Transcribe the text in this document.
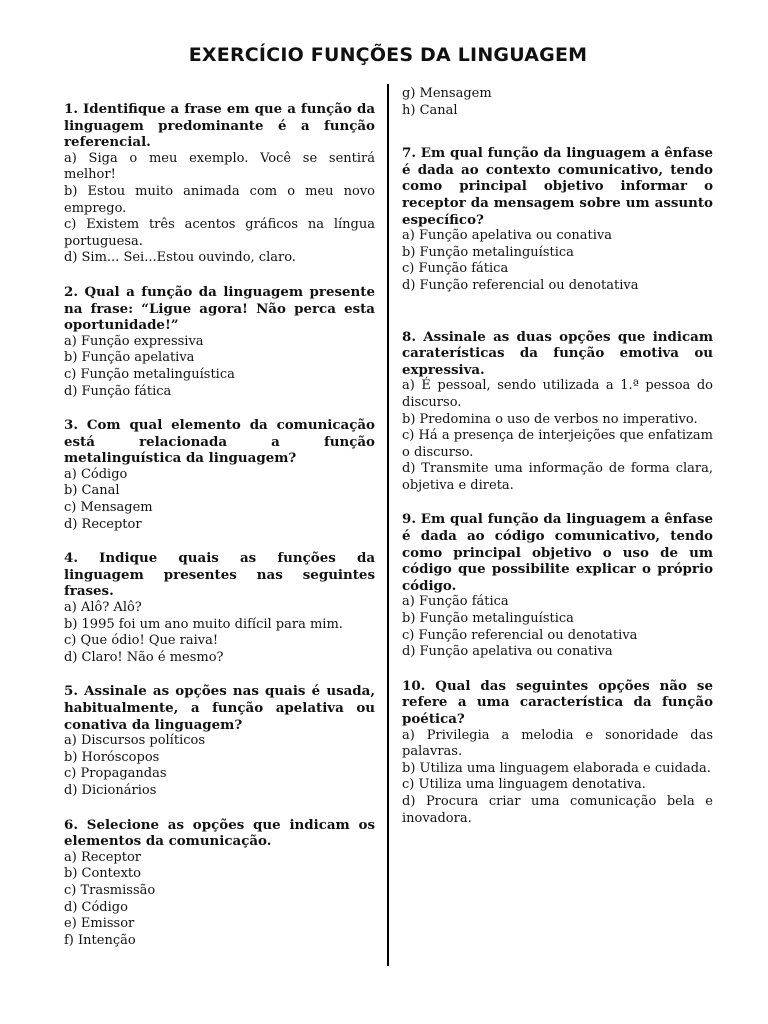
EXERCÍCIO FUNÇÕES DA LINGUAGEM
1. Identifique a frase em que a função da linguagem predominante é a função referencial.
a) Siga o meu exemplo. Você se sentirá melhor!
b) Estou muito animada com o meu novo emprego.
c) Existem três acentos gráficos na língua portuguesa.
d) Sim... Sei...Estou ouvindo, claro.
2. Qual a função da linguagem presente na frase: “Ligue agora! Não perca esta oportunidade!”
a) Função expressiva
b) Função apelativa
c) Função metalinguística
d) Função fática
3. Com qual elemento da comunicação está relacionada a função metalinguística da linguagem?
a) Código
b) Canal
c) Mensagem
d) Receptor
4. Indique quais as funções da linguagem presentes nas seguintes frases.
a) Alô? Alô?
b) 1995 foi um ano muito difícil para mim.
c) Que ódio! Que raiva!
d) Claro! Não é mesmo?
5. Assinale as opções nas quais é usada, habitualmente, a função apelativa ou conativa da linguagem?
a) Discursos políticos
b) Horóscopos
c) Propagandas
d) Dicionários
6. Selecione as opções que indicam os elementos da comunicação.
a) Receptor
b) Contexto
c) Trasmissão
d) Código
e) Emissor
f) Intenção
g) Mensagem
h) Canal
7. Em qual função da linguagem a ênfase é dada ao contexto comunicativo, tendo como principal objetivo informar o receptor da mensagem sobre um assunto específico?
a) Função apelativa ou conativa
b) Função metalinguística
c) Função fática
d) Função referencial ou denotativa
8. Assinale as duas opções que indicam caraterísticas da função emotiva ou expressiva.
a) É pessoal, sendo utilizada a 1.ª pessoa do discurso.
b) Predomina o uso de verbos no imperativo.
c) Há a presença de interjeições que enfatizam o discurso.
d) Transmite uma informação de forma clara, objetiva e direta.
9. Em qual função da linguagem a ênfase é dada ao código comunicativo, tendo como principal objetivo o uso de um código que possibilite explicar o próprio código.
a) Função fática
b) Função metalinguística
c) Função referencial ou denotativa
d) Função apelativa ou conativa
10. Qual das seguintes opções não se refere a uma característica da função poética?
a) Privilegia a melodia e sonoridade das palavras.
b) Utiliza uma linguagem elaborada e cuidada.
c) Utiliza uma linguagem denotativa.
d) Procura criar uma comunicação bela e inovadora.
